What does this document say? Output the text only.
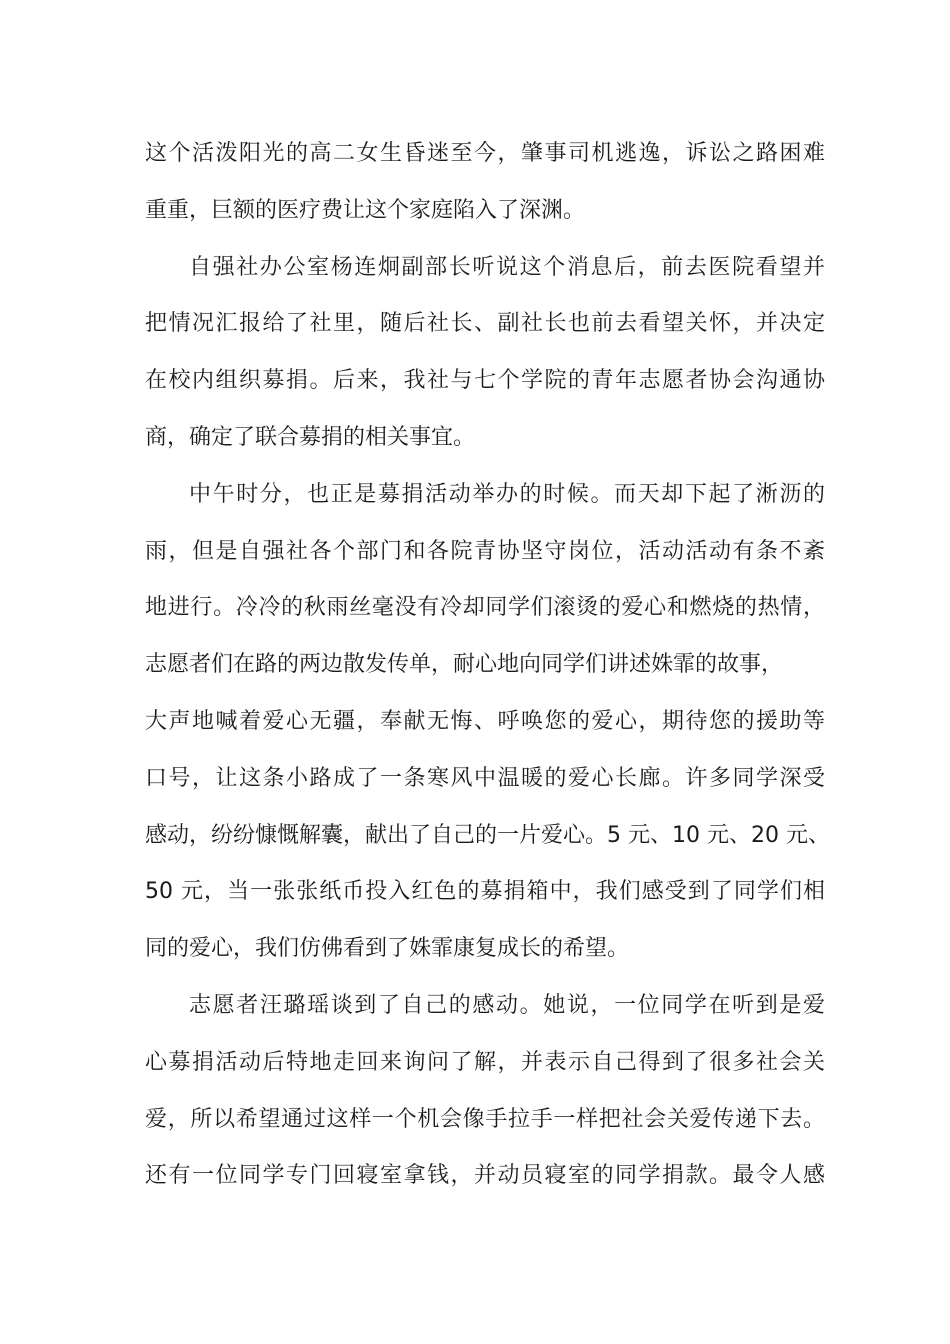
这个活泼阳光的高二女生昏迷至今，肇事司机逃逸，诉讼之路困难
重重，巨额的医疗费让这个家庭陷入了深渊。
自强社办公室杨连炯副部长听说这个消息后，前去医院看望并
把情况汇报给了社里，随后社长、副社长也前去看望关怀，并决定
在校内组织募捐。后来，我社与七个学院的青年志愿者协会沟通协
商，确定了联合募捐的相关事宜。
中午时分，也正是募捐活动举办的时候。而天却下起了淅沥的
雨，但是自强社各个部门和各院青协坚守岗位，活动活动有条不紊
地进行。冷冷的秋雨丝毫没有冷却同学们滚烫的爱心和燃烧的热情，
志愿者们在路的两边散发传单，耐心地向同学们讲述姝霏的故事，
大声地喊着爱心无疆，奉献无悔、呼唤您的爱心，期待您的援助等
口号，让这条小路成了一条寒风中温暖的爱心长廊。许多同学深受
感动，纷纷慷慨解囊，献出了自己的一片爱心。5 元、10 元、20 元、
50 元，当一张张纸币投入红色的募捐箱中，我们感受到了同学们相
同的爱心，我们仿佛看到了姝霏康复成长的希望。
志愿者汪璐瑶谈到了自己的感动。她说，一位同学在听到是爱
心募捐活动后特地走回来询问了解，并表示自己得到了很多社会关
爱，所以希望通过这样一个机会像手拉手一样把社会关爱传递下去。
还有一位同学专门回寝室拿钱，并动员寝室的同学捐款。最令人感
